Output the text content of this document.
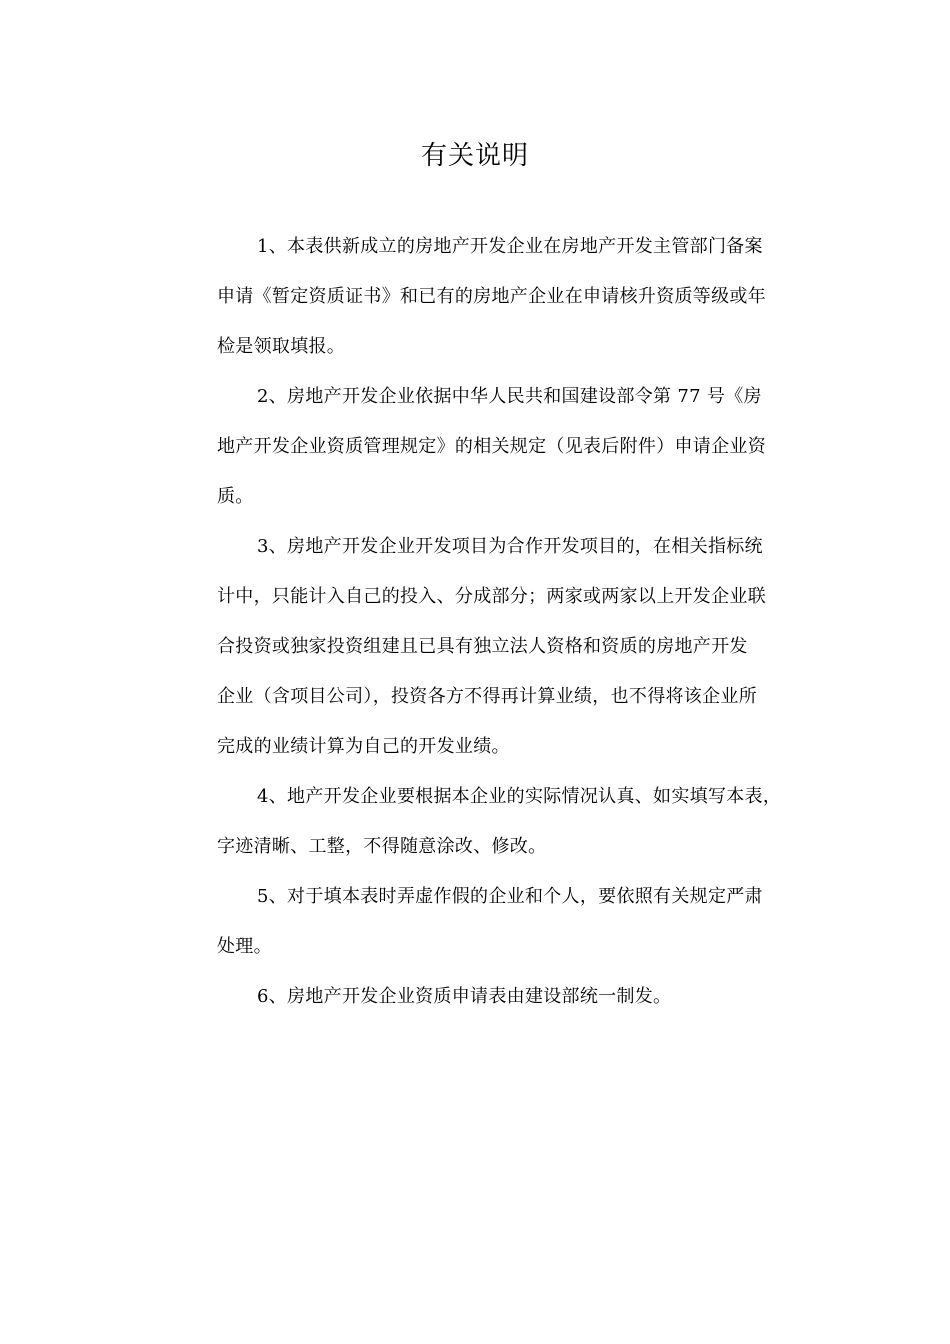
有关说明

1、本表供新成立的房地产开发企业在房地产开发主管部门备案
申请《暂定资质证书》和已有的房地产企业在申请核升资质等级或年
检是领取填报。

2、房地产开发企业依据中华人民共和国建设部令第 77 号《房
地产开发企业资质管理规定》的相关规定（见表后附件）申请企业资
质。

3、房地产开发企业开发项目为合作开发项目的，在相关指标统
计中，只能计入自己的投入、分成部分；两家或两家以上开发企业联
合投资或独家投资组建且已具有独立法人资格和资质的房地产开发
企业（含项目公司），投资各方不得再计算业绩，也不得将该企业所
完成的业绩计算为自己的开发业绩。

4、地产开发企业要根据本企业的实际情况认真、如实填写本表，
字迹清晰、工整，不得随意涂改、修改。

5、对于填本表时弄虚作假的企业和个人，要依照有关规定严肃
处理。

6、房地产开发企业资质申请表由建设部统一制发。
